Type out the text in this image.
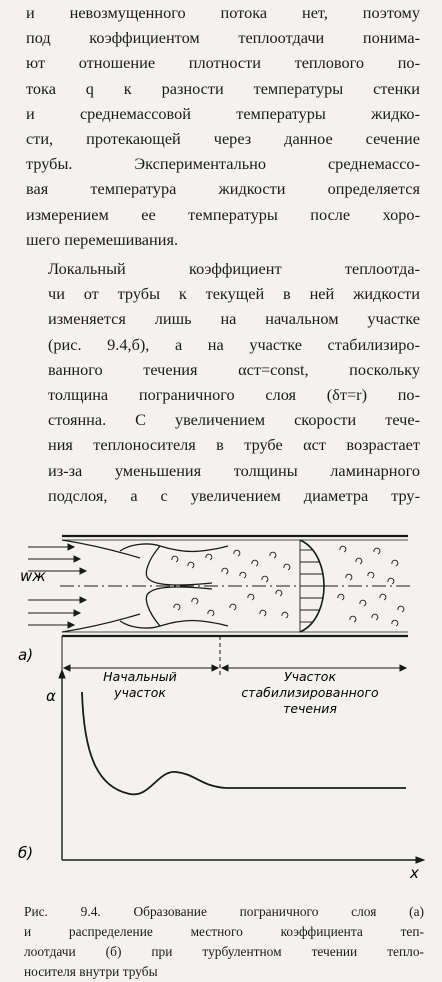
и невозмущенного потока нет, поэтому
под коэффициентом теплоотдачи понима-
ют отношение плотности теплового по-
тока q к разности температуры стенки
и среднемассовой температуры жидко-
сти, протекающей через данное сечение
трубы. Экспериментально среднемассо-
вая температура жидкости определяется
измерением ее температуры после хоро-
шего перемешивания.

Локальный коэффициент теплоотда-
чи от трубы к текущей в ней жидкости
изменяется лишь на начальном участке
(рис. 9.4,б), а на участке стабилизиро-
ванного течения αст=const, поскольку
толщина пограничного слоя (δт=r) по-
стоянна. С увеличением скорости тече-
ния теплоносителя в трубе αст возрастает
из-за уменьшения толщины ламинарного
подслоя, а с увеличением диаметра тру-

wж
а)
Начальный
участок
Участок
стабилизированного
течения
α
x
б)
Рис. 9.4. Образование пограничного слоя (а)
и распределение местного коэффициента теп-
лоотдачи (б) при турбулентном течении тепло-
носителя внутри трубы
